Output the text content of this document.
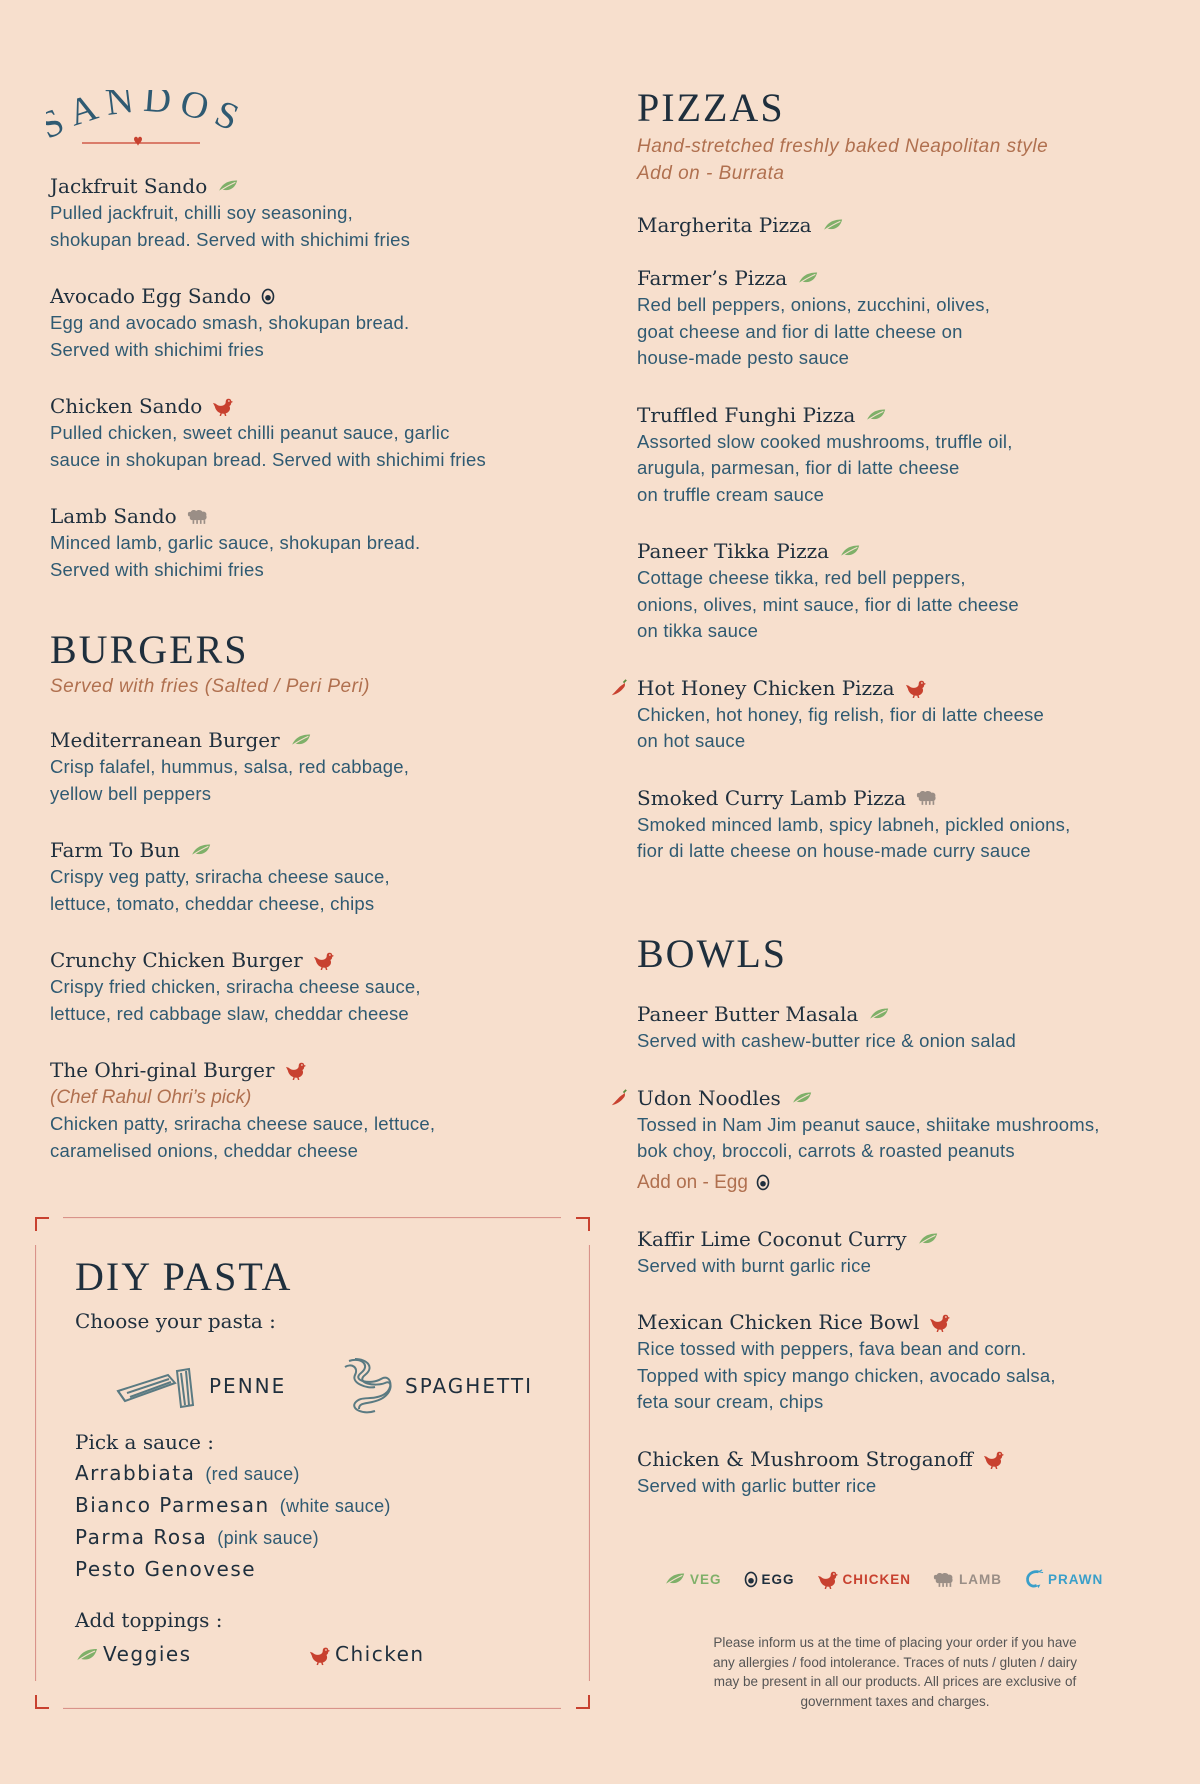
ANDO
Jackfruit Sando
Pulled jackfruit, chilli soy seasoning,
shokupan bread. Served with shichimi fries
Avocado Egg Sando
Egg and avocado smash, shokupan bread.
Served with shichimi fries
Chicken Sando
Pulled chicken, sweet chilli peanut sauce, garlic
sauce in shokupan bread. Served with shichimi fries
Lamb Sando
Minced lamb, garlic sauce, shokupan bread.
Served with shichimi fries
BURGERS
Served with fries (Salted / Peri Peri)
Mediterranean Burger
Crisp falafel, hummus, salsa, red cabbage,
yellow bell peppers
Farm To Bun
Crispy veg patty, sriracha cheese sauce,
lettuce, tomato, cheddar cheese, chips
Crunchy Chicken Burger
Crispy fried chicken, sriracha cheese sauce,
lettuce, red cabbage slaw, cheddar cheese
The Ohri-ginal Burger
(Chef Rahul Ohri’s pick)
Chicken patty, sriracha cheese sauce, lettuce,
caramelised onions, cheddar cheese
DIY PASTA
Choose your pasta :
PENNE	SPAGHETTI
Pick a sauce :
Arrabbiata (red sauce)
Bianco Parmesan (white sauce)
Parma Rosa (pink sauce)
Pesto Genovese
Add toppings :
Veggies	Chicken
PIZZAS
Hand-stretched freshly baked Neapolitan style
Add on - Burrata
Margherita Pizza
Farmer’s Pizza
Red bell peppers, onions, zucchini, olives,
goat cheese and fior di latte cheese on
house-made pesto sauce
Truffled Funghi Pizza
Assorted slow cooked mushrooms, truffle oil,
arugula, parmesan, fior di latte cheese
on truffle cream sauce
Paneer Tikka Pizza
Cottage cheese tikka, red bell peppers,
onions, olives, mint sauce, fior di latte cheese
on tikka sauce
Hot Honey Chicken Pizza
Chicken, hot honey, fig relish, fior di latte cheese
on hot sauce
Smoked Curry Lamb Pizza
Smoked minced lamb, spicy labneh, pickled onions,
fior di latte cheese on house-made curry sauce
BOWLS
Paneer Butter Masala
Served with cashew-butter rice & onion salad
Udon Noodles
Tossed in Nam Jim peanut sauce, shiitake mushrooms,
bok choy, broccoli, carrots & roasted peanuts
Add on - Egg
Kaffir Lime Coconut Curry
Served with burnt garlic rice
Mexican Chicken Rice Bowl
Rice tossed with peppers, fava bean and corn.
Topped with spicy mango chicken, avocado salsa,
feta sour cream, chips
Chicken & Mushroom Stroganoff
Served with garlic butter rice
VEG	EGG	CHICKEN	LAMB	PRAWN
Please inform us at the time of placing your order if you have
any allergies / food intolerance. Traces of nuts / gluten / dairy
may be present in all our products. All prices are exclusive of
government taxes and charges.
